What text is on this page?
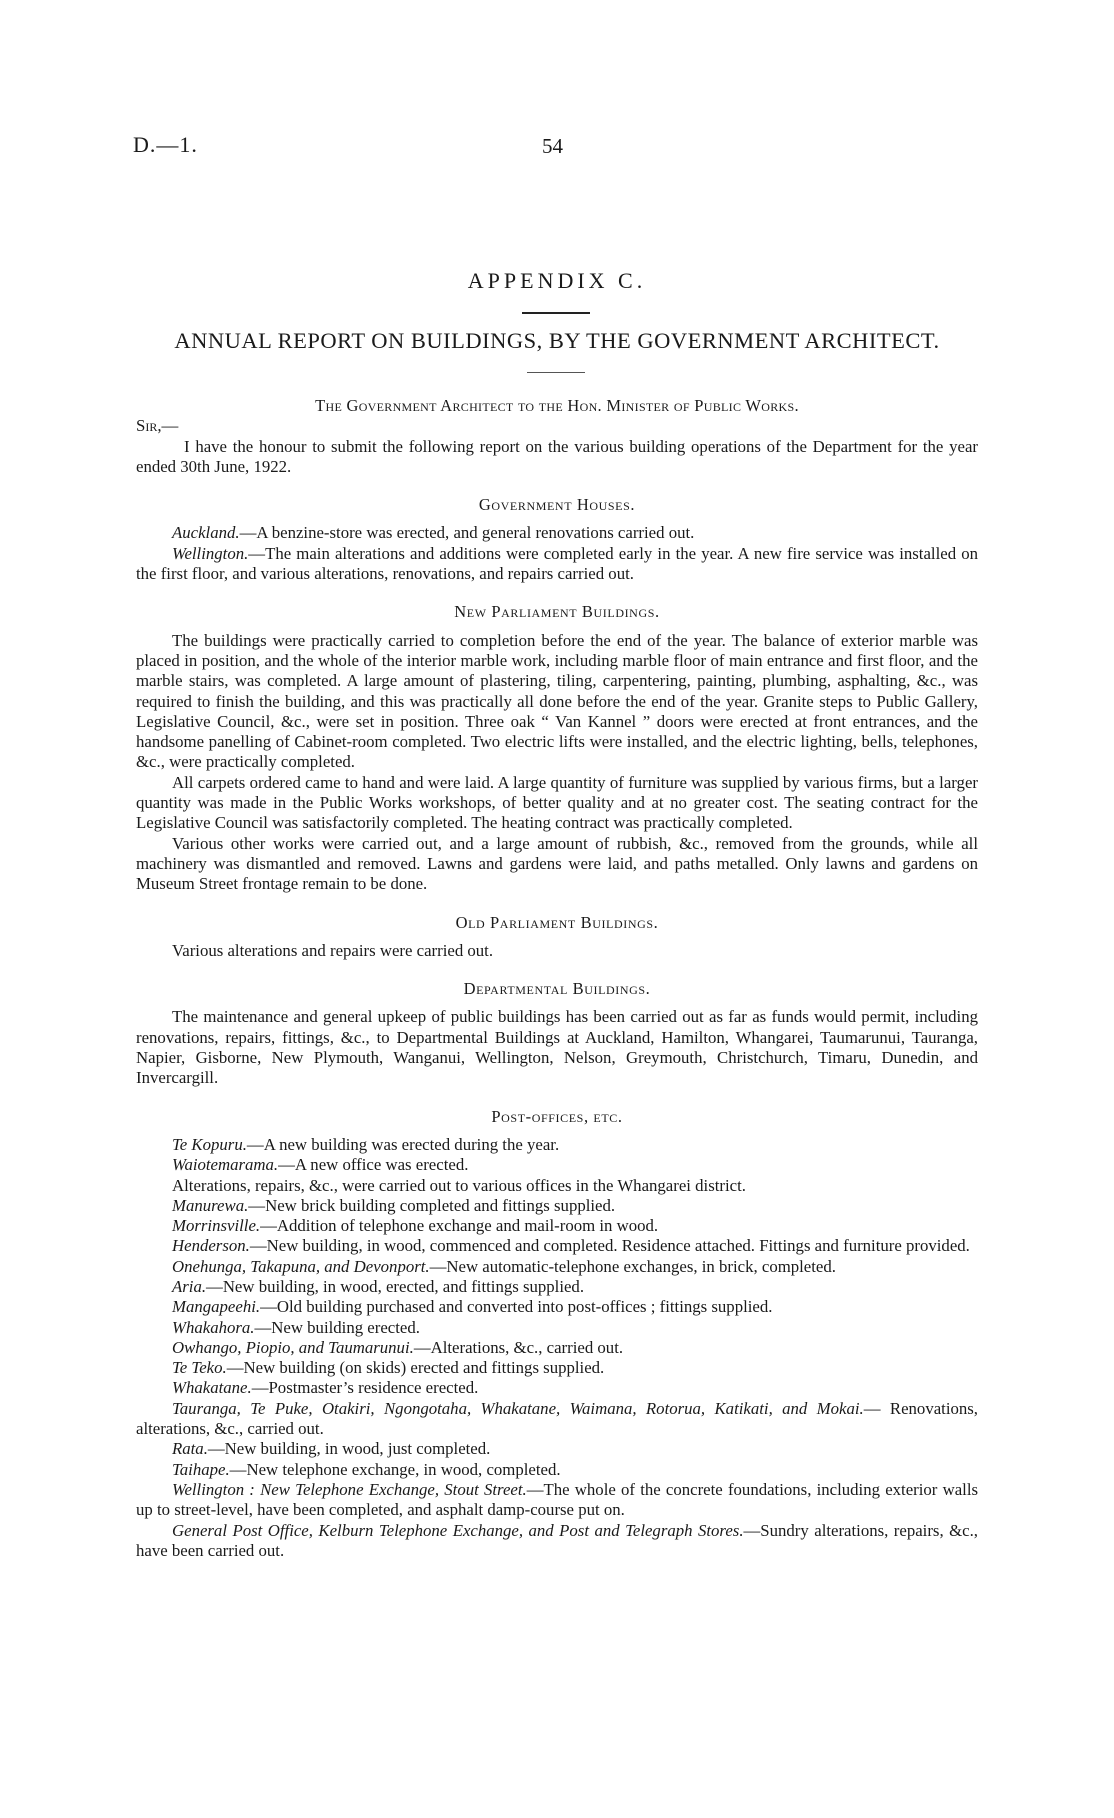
D.—1.	54
APPENDIX C.
ANNUAL REPORT ON BUILDINGS, BY THE GOVERNMENT ARCHITECT.

The Government Architect to the Hon. Minister of Public Works.

Sir,—

I have the honour to submit the following report on the various building operations of the Department for the year ended 30th June, 1922.

Government Houses.

Auckland.—A benzine-store was erected, and general renovations carried out.

Wellington.—The main alterations and additions were completed early in the year. A new fire service was installed on the first floor, and various alterations, renovations, and repairs carried out.

New Parliament Buildings.

The buildings were practically carried to completion before the end of the year. The balance of exterior marble was placed in position, and the whole of the interior marble work, including marble floor of main entrance and first floor, and the marble stairs, was completed. A large amount of plastering, tiling, carpentering, painting, plumbing, asphalting, &c., was required to finish the building, and this was practically all done before the end of the year. Granite steps to Public Gallery, Legislative Council, &c., were set in position. Three oak “ Van Kannel ” doors were erected at front entrances, and the handsome panelling of Cabinet-room completed. Two electric lifts were installed, and the electric lighting, bells, telephones, &c., were practically completed.

All carpets ordered came to hand and were laid. A large quantity of furniture was supplied by various firms, but a larger quantity was made in the Public Works workshops, of better quality and at no greater cost. The seating contract for the Legislative Council was satisfactorily completed. The heating contract was practically completed.

Various other works were carried out, and a large amount of rubbish, &c., removed from the grounds, while all machinery was dismantled and removed. Lawns and gardens were laid, and paths metalled. Only lawns and gardens on Museum Street frontage remain to be done.

Old Parliament Buildings.

Various alterations and repairs were carried out.

Departmental Buildings.

The maintenance and general upkeep of public buildings has been carried out as far as funds would permit, including renovations, repairs, fittings, &c., to Departmental Buildings at Auckland, Hamilton, Whangarei, Taumarunui, Tauranga, Napier, Gisborne, New Plymouth, Wanganui, Wellington, Nelson, Greymouth, Christchurch, Timaru, Dunedin, and Invercargill.

Post-offices, etc.

Te Kopuru.—A new building was erected during the year.

Waiotemarama.—A new office was erected.

Alterations, repairs, &c., were carried out to various offices in the Whangarei district.

Manurewa.—New brick building completed and fittings supplied.

Morrinsville.—Addition of telephone exchange and mail-room in wood.

Henderson.—New building, in wood, commenced and completed. Residence attached. Fittings and furniture provided.

Onehunga, Takapuna, and Devonport.—New automatic-telephone exchanges, in brick, completed.

Aria.—New building, in wood, erected, and fittings supplied.

Mangapeehi.—Old building purchased and converted into post-offices ; fittings supplied.

Whakahora.—New building erected.

Owhango, Piopio, and Taumarunui.—Alterations, &c., carried out.

Te Teko.—New building (on skids) erected and fittings supplied.

Whakatane.—Postmaster’s residence erected.

Tauranga, Te Puke, Otakiri, Ngongotaha, Whakatane, Waimana, Rotorua, Katikati, and Mokai.— Renovations, alterations, &c., carried out.

Rata.—New building, in wood, just completed.

Taihape.—New telephone exchange, in wood, completed.

Wellington : New Telephone Exchange, Stout Street.—The whole of the concrete foundations, including exterior walls up to street-level, have been completed, and asphalt damp-course put on.

General Post Office, Kelburn Telephone Exchange, and Post and Telegraph Stores.—Sundry alterations, repairs, &c., have been carried out.
